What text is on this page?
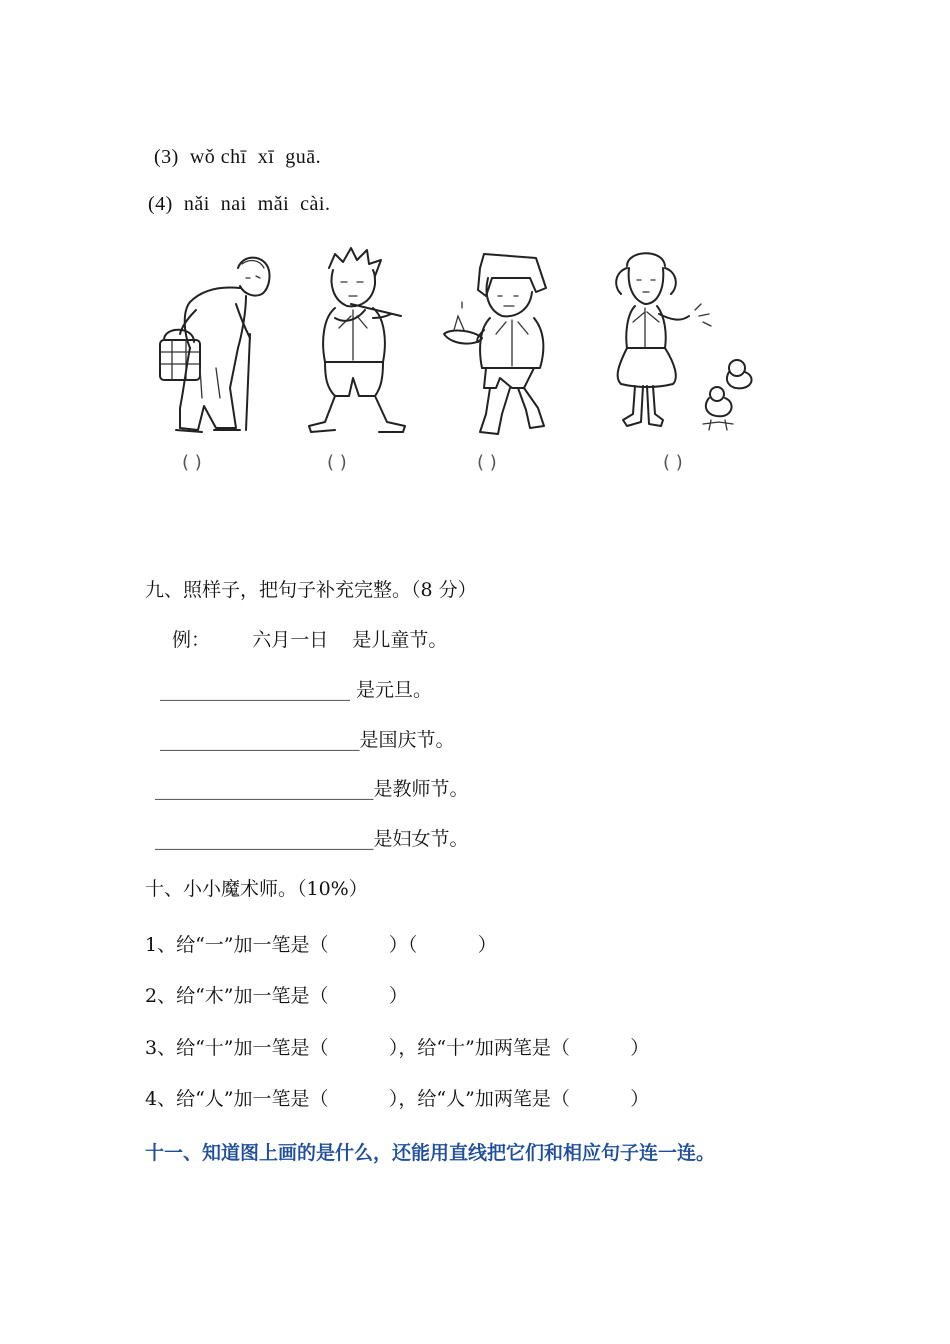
(3)  wǒ chī  xī  guā.
(4)  nǎi  nai  mǎi  cài.
( )	( )	( )	( )
九、照样子，把句子补充完整。（8 分）
例：       六月一日    是儿童节。
____________________ 是元旦。
_____________________是国庆节。
_______________________是教师节。
_______________________是妇女节。
十、小小魔术师。（10%）
1、给“一”加一笔是（          ）（          ）
2、给“木”加一笔是（          ）
3、给“十”加一笔是（          ），给“十”加两笔是（          ）
4、给“人”加一笔是（          ），给“人”加两笔是（          ）
十一、知道图上画的是什么，还能用直线把它们和相应句子连一连。
